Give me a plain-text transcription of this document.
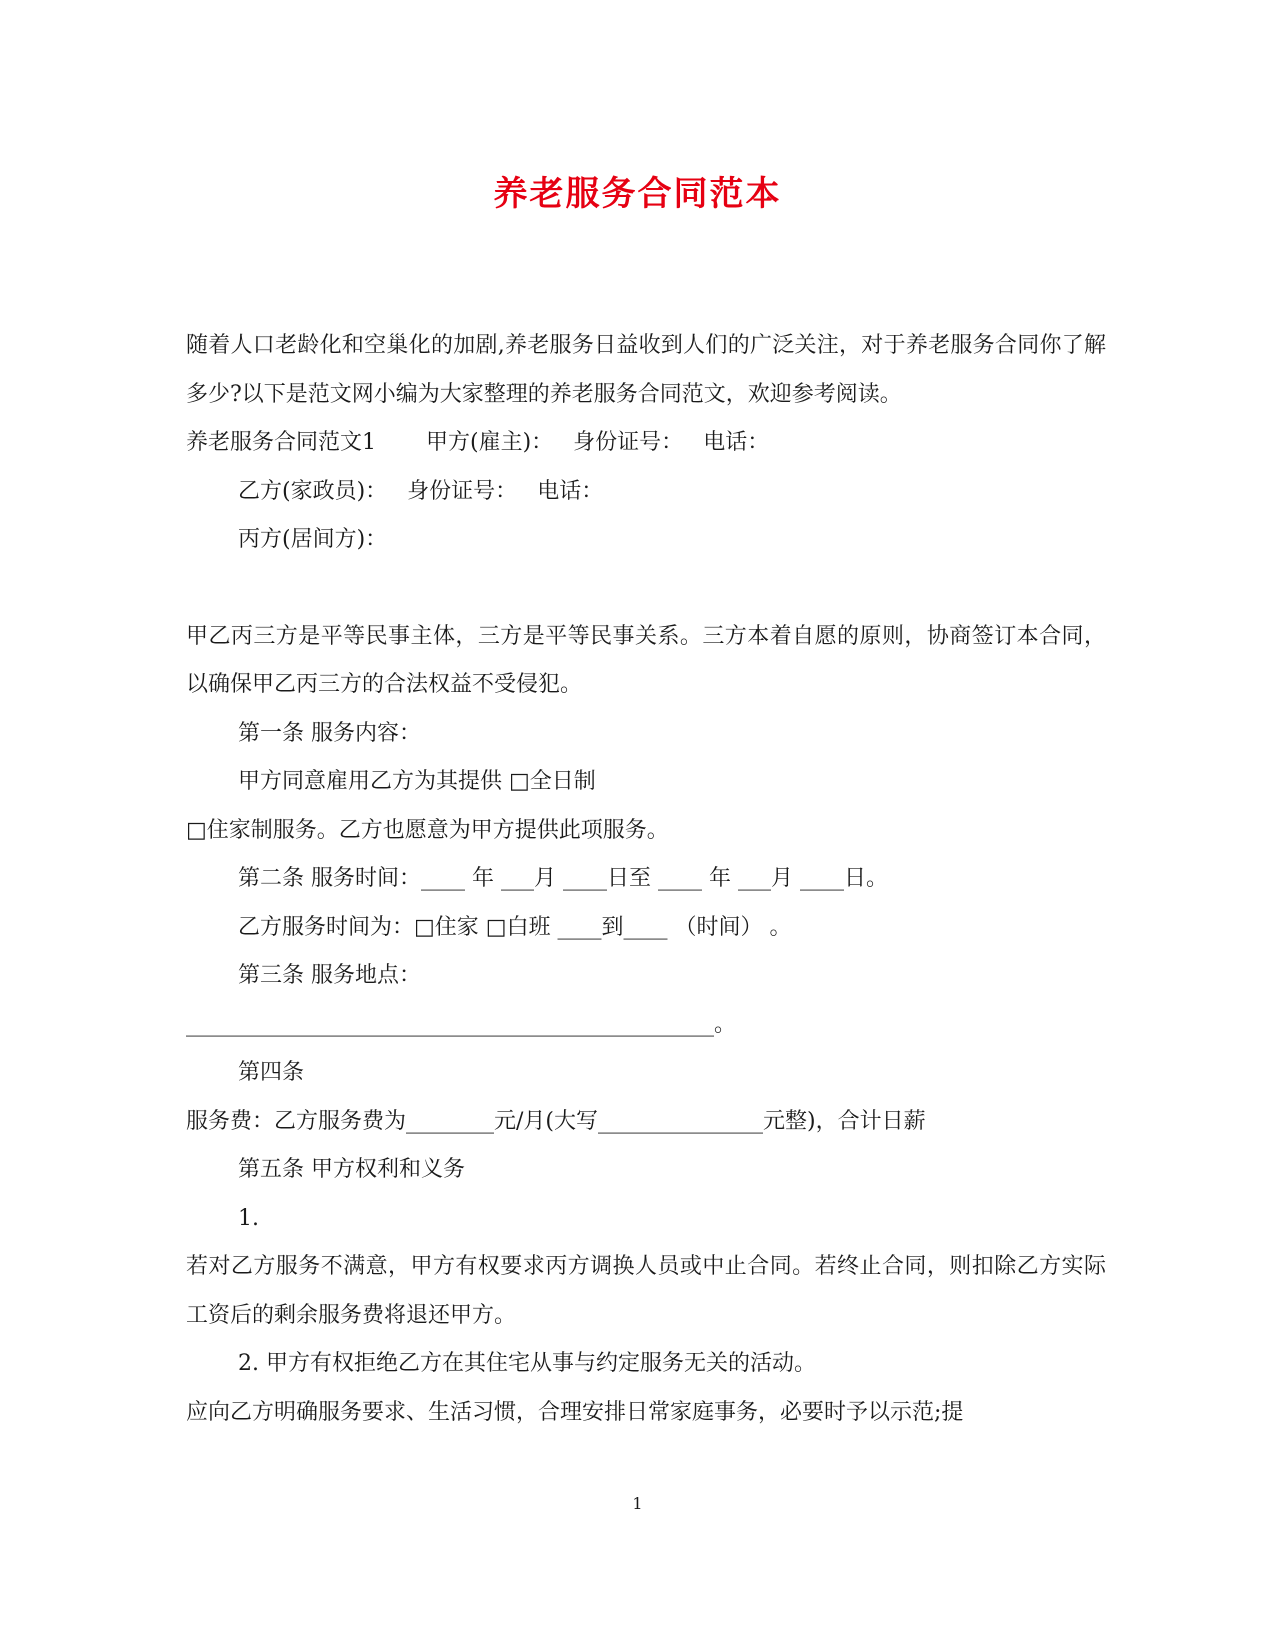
养老服务合同范本

随着人口老龄化和空巢化的加剧,养老服务日益收到人们的广泛关注，对于养老服务合同你了解多少?以下是范文网小编为大家整理的养老服务合同范文，欢迎参考阅读。

养老服务合同范文1 甲方(雇主)： 身份证号： 电话：

乙方(家政员)： 身份证号： 电话：

丙方(居间方)：

甲乙丙三方是平等民事主体，三方是平等民事关系。三方本着自愿的原则，协商签订本合同，以确保甲乙丙三方的合法权益不受侵犯。

第一条 服务内容：

甲方同意雇用乙方为其提供 □全日制

□住家制服务。乙方也愿意为甲方提供此项服务。

第二条 服务时间：____ 年 ___月 ____日至 ____ 年 ___月 ____日。

乙方服务时间为：□住家 □白班 ____到____ （时间） 。

第三条 服务地点：

________________________________________________。

第四条

服务费：乙方服务费为________元/月(大写_______________元整)，合计日薪

第五条 甲方权利和义务

1.

若对乙方服务不满意，甲方有权要求丙方调换人员或中止合同。若终止合同，则扣除乙方实际工资后的剩余服务费将退还甲方。

2. 甲方有权拒绝乙方在其住宅从事与约定服务无关的活动。

应向乙方明确服务要求、生活习惯，合理安排日常家庭事务，必要时予以示范;提

1
